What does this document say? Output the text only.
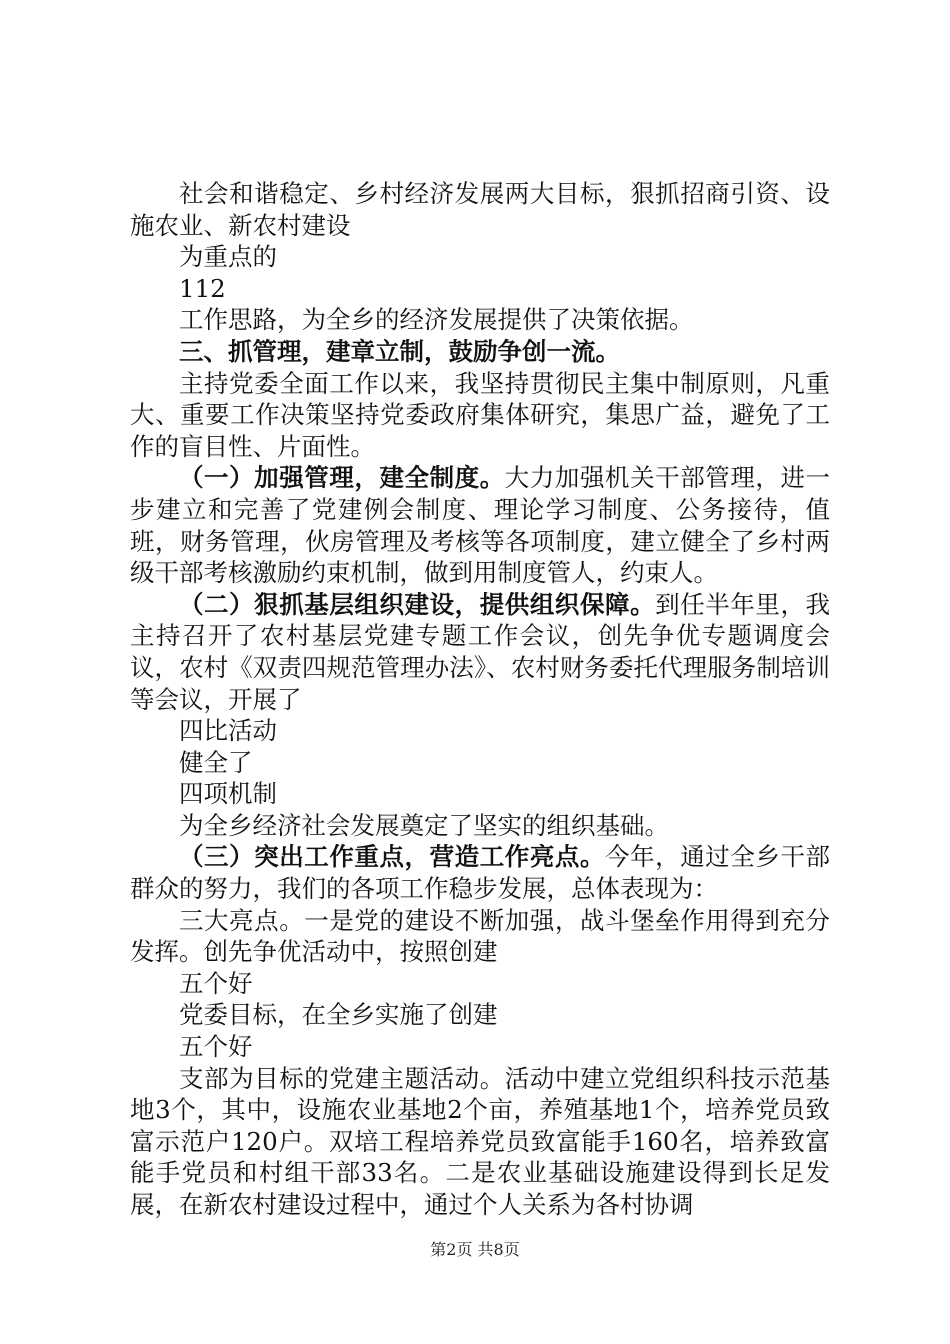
社会和谐稳定、乡村经济发展两大目标，狠抓招商引资、设施农业、新农村建设

为重点的

112

工作思路，为全乡的经济发展提供了决策依据。

三、抓管理，建章立制，鼓励争创一流。

主持党委全面工作以来，我坚持贯彻民主集中制原则，凡重大、重要工作决策坚持党委政府集体研究，集思广益，避免了工作的盲目性、片面性。

（一）加强管理，建全制度。大力加强机关干部管理，进一步建立和完善了党建例会制度、理论学习制度、公务接待，值班，财务管理，伙房管理及考核等各项制度，建立健全了乡村两级干部考核激励约束机制，做到用制度管人，约束人。

（二）狠抓基层组织建设，提供组织保障。到任半年里，我主持召开了农村基层党建专题工作会议，创先争优专题调度会议，农村《双责四规范管理办法》、农村财务委托代理服务制培训等会议，开展了

四比活动

健全了

四项机制

为全乡经济社会发展奠定了坚实的组织基础。

（三）突出工作重点，营造工作亮点。今年，通过全乡干部群众的努力，我们的各项工作稳步发展，总体表现为：

三大亮点。一是党的建设不断加强，战斗堡垒作用得到充分发挥。创先争优活动中，按照创建

五个好

党委目标，在全乡实施了创建

五个好

支部为目标的党建主题活动。活动中建立党组织科技示范基地3个，其中，设施农业基地2个亩，养殖基地1个，培养党员致富示范户120户。双培工程培养党员致富能手160名，培养致富能手党员和村组干部33名。二是农业基础设施建设得到长足发展，在新农村建设过程中，通过个人关系为各村协调

第2页 共8页
